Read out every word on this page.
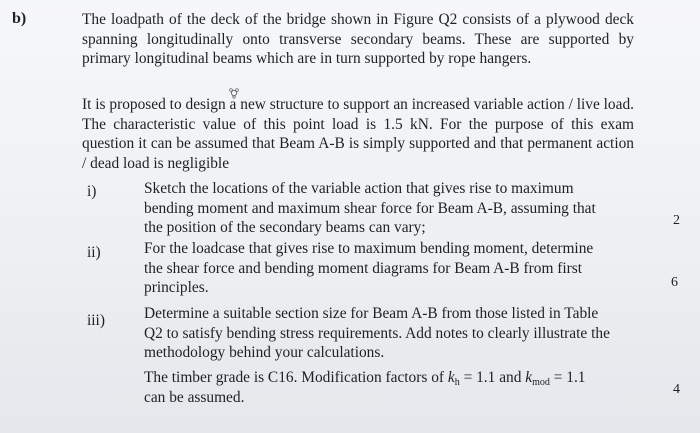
b)	The loadpath of the deck of the bridge shown in Figure Q2 consists of a plywood deck spanning longitudinally onto transverse secondary beams. These are supported by primary longitudinal beams which are in turn supported by rope hangers.
It is proposed to design a new structure to support an increased variable action / live load. The characteristic value of this point load is 1.5 kN. For the purpose of this exam question it can be assumed that Beam A-B is simply supported and that permanent action / dead load is negligible
i)	Sketch the locations of the variable action that gives rise to maximum bending moment and maximum shear force for Beam A-B, assuming that the position of the secondary beams can vary;	2
ii)	For the loadcase that gives rise to maximum bending moment, determine the shear force and bending moment diagrams for Beam A-B from first principles.	6
iii)	Determine a suitable section size for Beam A-B from those listed in Table Q2 to satisfy bending stress requirements. Add notes to clearly illustrate the methodology behind your calculations.
The timber grade is C16. Modification factors of $k_h = 1.1$ and $k_{mod} = 1.1$
can be assumed.	4
